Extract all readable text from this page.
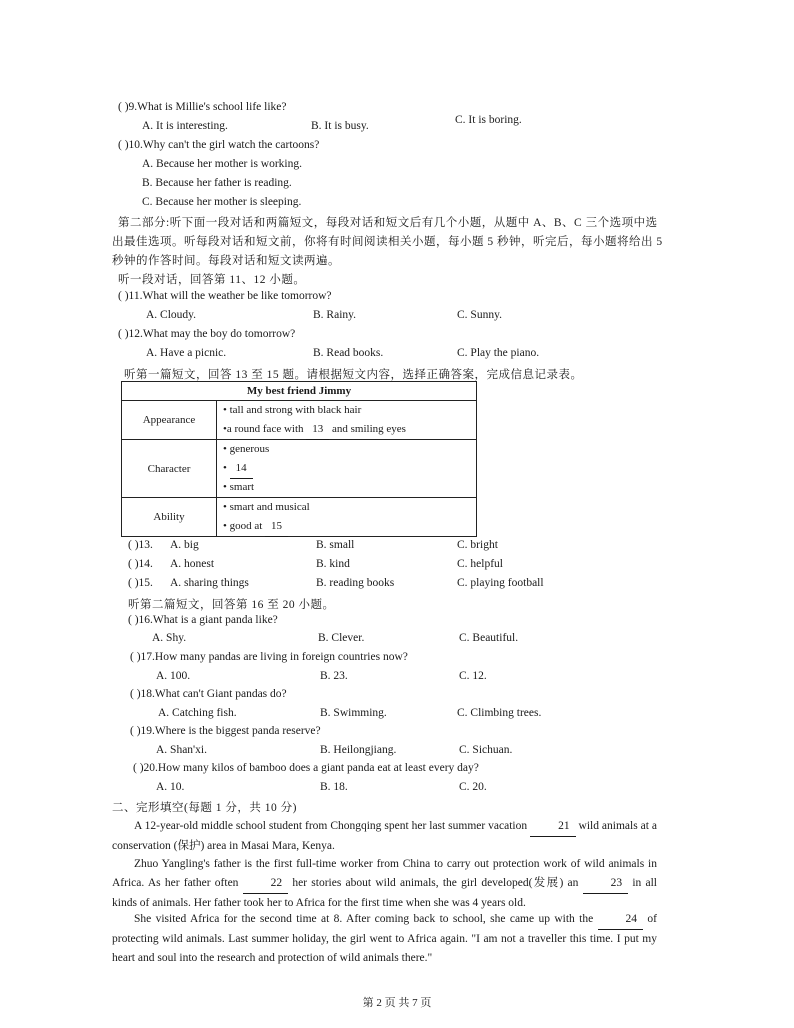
( )9.What is Millie's school life like?
A. It is interesting.	B. It is busy.	C. It is boring.
( )10.Why can't the girl watch the cartoons?
A. Because her mother is working.
B. Because her father is reading.
C. Because her mother is sleeping.
第二部分:听下面一段对话和两篇短文，每段对话和短文后有几个小题，从题中 A、B、C 三个选项中选
出最佳选项。听每段对话和短文前，你将有时间阅读相关小题，每小题 5 秒钟，听完后，每小题将给出 5
秒钟的作答时间。每段对话和短文读两遍。
听一段对话，回答第 11、12 小题。
( )11.What will the weather be like tomorrow?
A. Cloudy.	B. Rainy.	C. Sunny.
( )12.What may the boy do tomorrow?
A. Have a picnic.	B. Read books.	C. Play the piano.
听第一篇短文，回答 13 至 15 题。请根据短文内容，选择正确答案，完成信息记录表。
My best friend Jimmy	
Appearance	• tall and strong with black hair
•a round face with 13 and smiling eyes

Character	• generous
• 14
• smart

Ability	• smart and musical
• good at 15
( )13. A. big	B. small	C. bright
( )14. A. honest	B. kind	C. helpful
( )15. A. sharing things	B. reading books	C. playing football
听第二篇短文，回答第 16 至 20 小题。
( )16.What is a giant panda like?
A. Shy.	B. Clever.	C. Beautiful.
( )17.How many pandas are living in foreign countries now?
A. 100.	B. 23.	C. 12.
( )18.What can't Giant pandas do?
A. Catching fish.	B. Swimming.	C. Climbing trees.
( )19.Where is the biggest panda reserve?
A. Shan'xi.	B. Heilongjiang.	C. Sichuan.
( )20.How many kilos of bamboo does a giant panda eat at least every day?
A. 10.	B. 18.	C. 20.
二、完形填空(每题 1 分，共 10 分)
A 12-year-old middle school student from Chongqing spent her last summer vacation 21 wild animals at a conservation (保护) area in Masai Mara, Kenya.
Zhuo Yangling's father is the first full-time worker from China to carry out protection work of wild animals in Africa. As her father often 22 her stories about wild animals, the girl developed(发展) an 23 in all kinds of animals. Her father took her to Africa for the first time when she was 4 years old.
She visited Africa for the second time at 8. After coming back to school, she came up with the 24 of protecting wild animals. Last summer holiday, the girl went to Africa again. "I am not a traveller this time. I put my heart and soul into the research and protection of wild animals there."
第 2 页 共 7 页
